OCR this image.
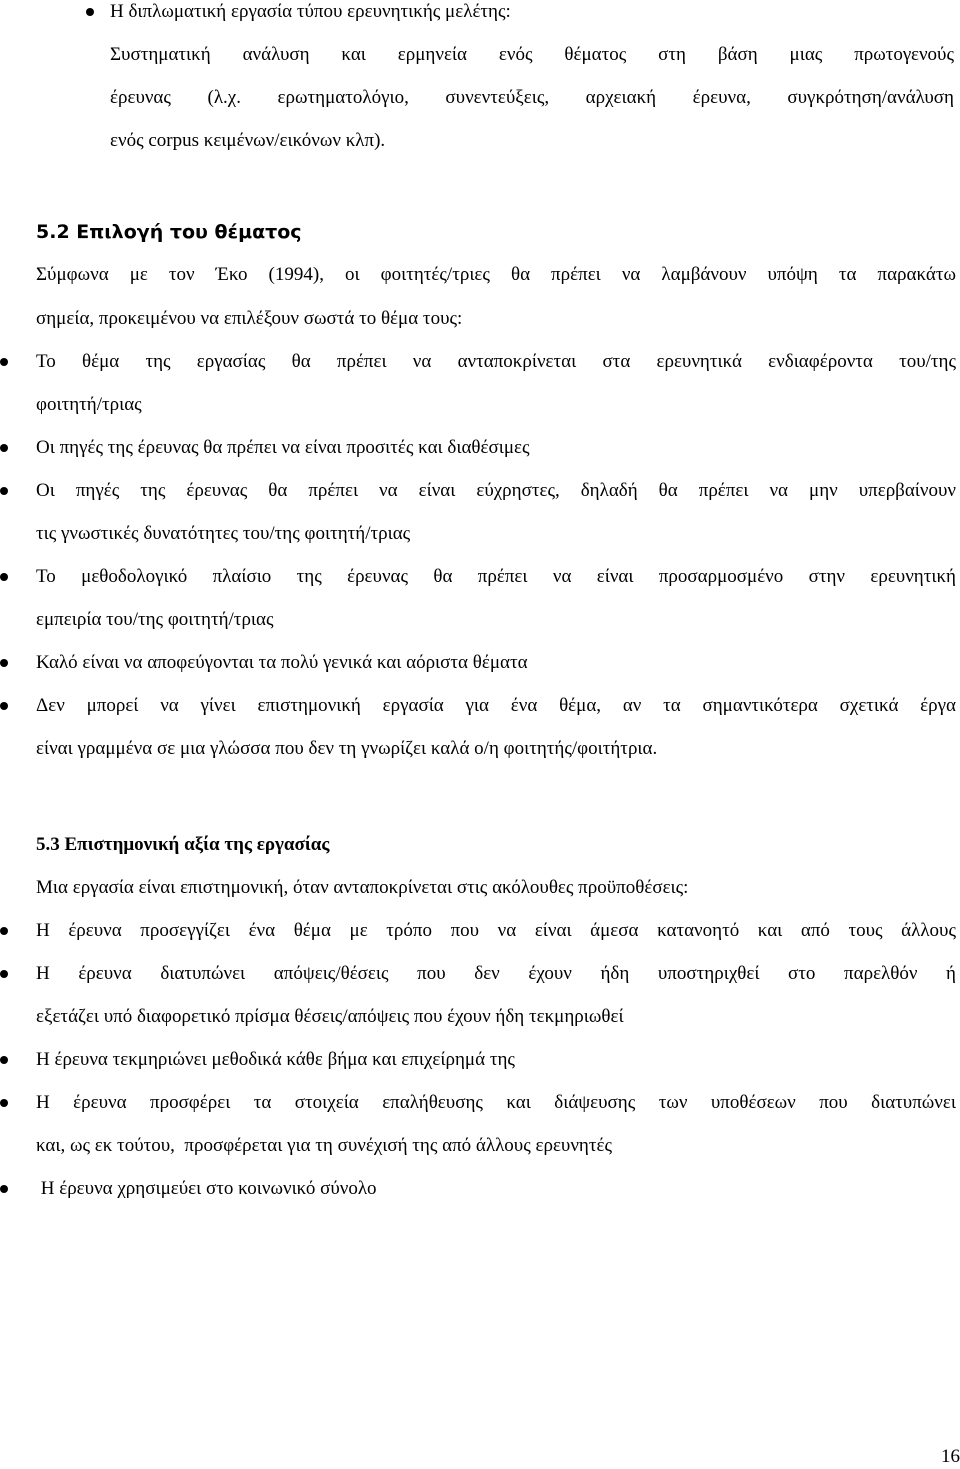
Η διπλωματική εργασία τύπου ερευνητικής μελέτης:
Συστηματική ανάλυση και ερμηνεία ενός θέματος στη βάση μιας πρωτογενούς
έρευνας (λ.χ. ερωτηματολόγιο, συνεντεύξεις, αρχειακή έρευνα, συγκρότηση/ανάλυση
ενός corpus κειμένων/εικόνων κλπ).
5.2 Επιλογή του θέματος
Σύμφωνα με τον Έκο (1994), οι φοιτητές/τριες θα πρέπει να λαμβάνουν υπόψη τα παρακάτω
σημεία, προκειμένου να επιλέξουν σωστά το θέμα τους:
Το θέμα της εργασίας θα πρέπει να ανταποκρίνεται στα ερευνητικά ενδιαφέροντα του/της
φοιτητή/τριας
Οι πηγές της έρευνας θα πρέπει να είναι προσιτές και διαθέσιμες
Οι πηγές της έρευνας θα πρέπει να είναι εύχρηστες, δηλαδή θα πρέπει να μην υπερβαίνουν
τις γνωστικές δυνατότητες του/της φοιτητή/τριας
Το μεθοδολογικό πλαίσιο της έρευνας θα πρέπει να είναι προσαρμοσμένο στην ερευνητική
εμπειρία του/της φοιτητή/τριας
Καλό είναι να αποφεύγονται τα πολύ γενικά και αόριστα θέματα
Δεν μπορεί να γίνει επιστημονική εργασία για ένα θέμα, αν τα σημαντικότερα σχετικά έργα
είναι γραμμένα σε μια γλώσσα που δεν τη γνωρίζει καλά ο/η φοιτητής/φοιτήτρια.
5.3 Επιστημονική αξία της εργασίας
Μια εργασία είναι επιστημονική, όταν ανταποκρίνεται στις ακόλουθες προϋποθέσεις:
Η έρευνα προσεγγίζει ένα θέμα με τρόπο που να είναι άμεσα κατανοητό και από τους άλλους
Η έρευνα διατυπώνει απόψεις/θέσεις που δεν έχουν ήδη υποστηριχθεί στο παρελθόν ή
εξετάζει υπό διαφορετικό πρίσμα θέσεις/απόψεις που έχουν ήδη τεκμηριωθεί
Η έρευνα τεκμηριώνει μεθοδικά κάθε βήμα και επιχείρημά της
Η έρευνα προσφέρει τα στοιχεία επαλήθευσης και διάψευσης των υποθέσεων που διατυπώνει
και, ως εκ τούτου,  προσφέρεται για τη συνέχισή της από άλλους ερευνητές
Η έρευνα χρησιμεύει στο κοινωνικό σύνολο
16
